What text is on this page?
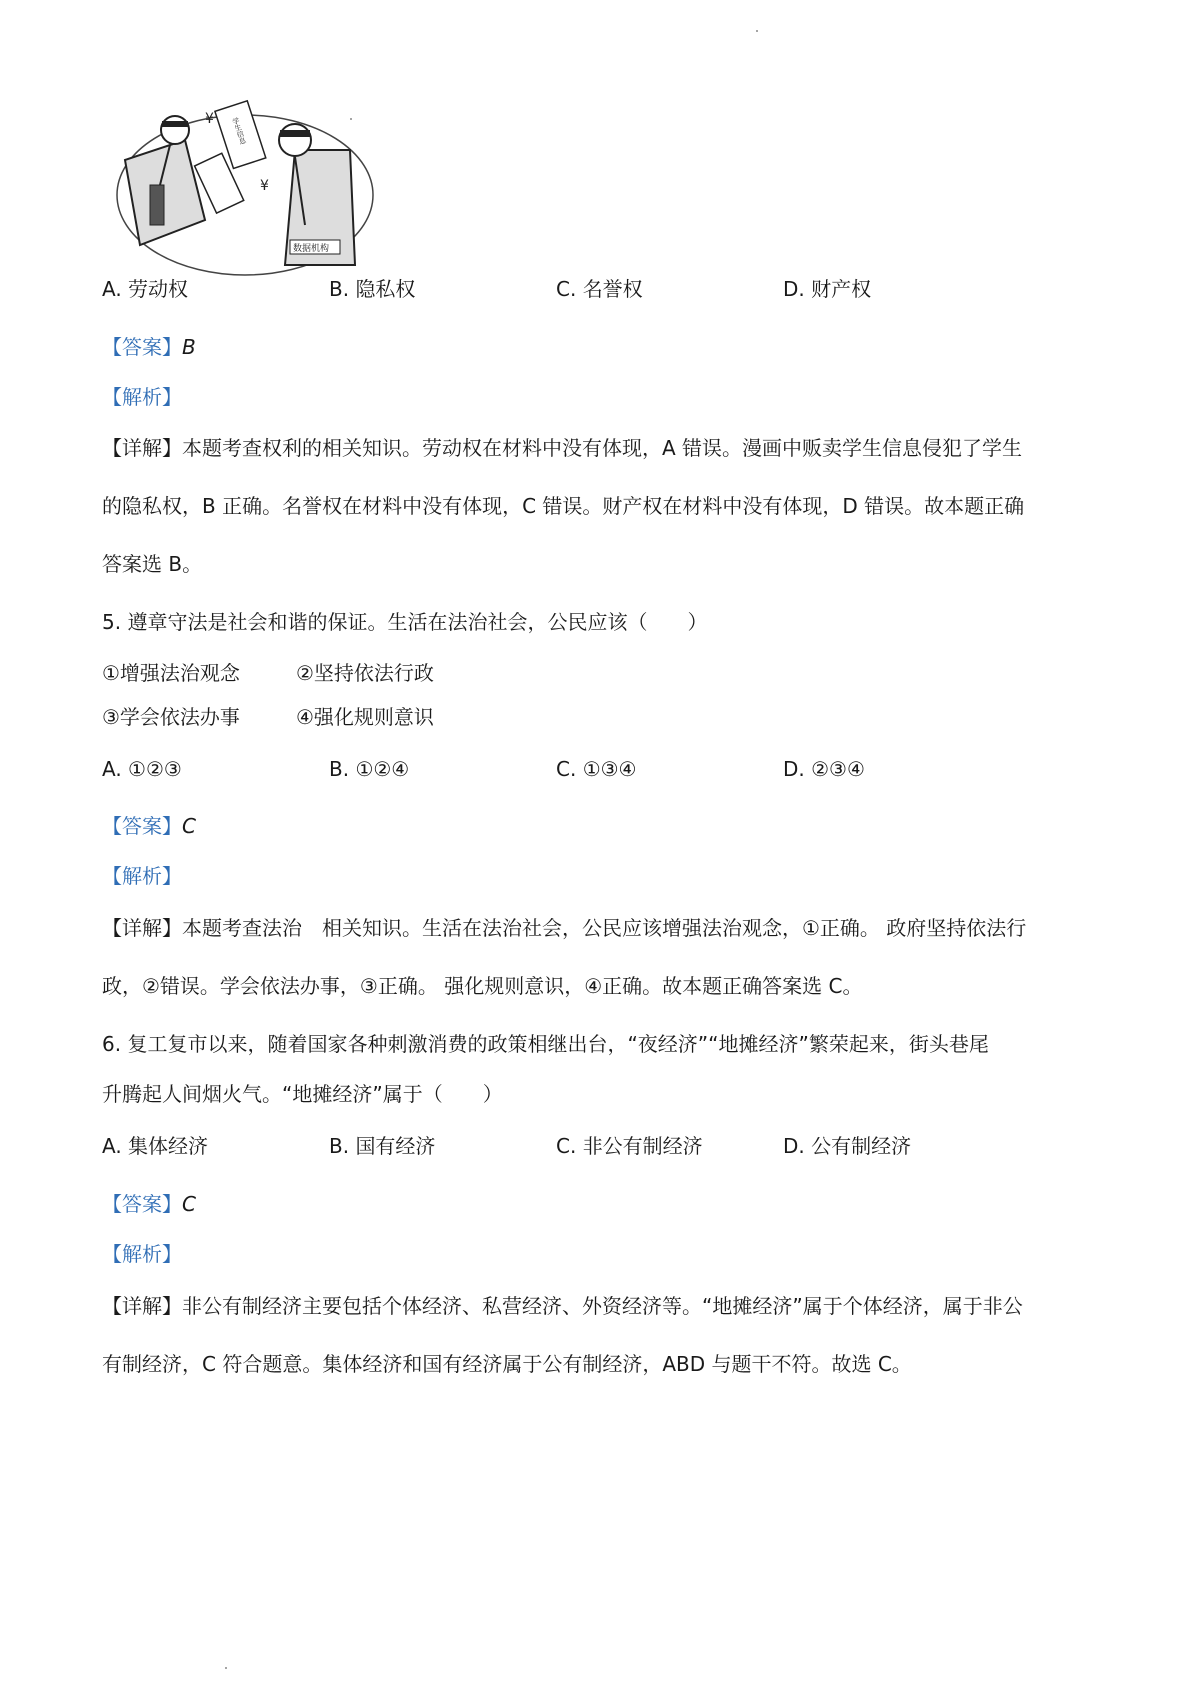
¥ 学生信息
¥
数据机构
A. 劳动权	B. 隐私权	C. 名誉权	D. 财产权
【答案】B
【解析】
【详解】本题考查权利的相关知识。劳动权在材料中没有体现，A 错误。漫画中贩卖学生信息侵犯了学生
的隐私权，B 正确。名誉权在材料中没有体现，C 错误。财产权在材料中没有体现，D 错误。故本题正确
答案选 B。
5. 遵章守法是社会和谐的保证。生活在法治社会，公民应该（　　）
①增强法治观念	②坚持依法行政
③学会依法办事	④强化规则意识
A. ①②③	B. ①②④	C. ①③④	D. ②③④
【答案】C
【解析】
【详解】本题考查法治　相关知识。生活在法治社会，公民应该增强法治观念，①正确。 政府坚持依法行
政，②错误。学会依法办事，③正确。 强化规则意识，④正确。故本题正确答案选 C。
6. 复工复市以来，随着国家各种刺激消费的政策相继出台，“夜经济”“地摊经济”繁荣起来，街头巷尾
升腾起人间烟火气。“地摊经济”属于（　　）
A. 集体经济	B. 国有经济	C. 非公有制经济	D. 公有制经济
【答案】C
【解析】
【详解】非公有制经济主要包括个体经济、私营经济、外资经济等。“地摊经济”属于个体经济，属于非公
有制经济，C 符合题意。集体经济和国有经济属于公有制经济，ABD 与题干不符。故选 C。
